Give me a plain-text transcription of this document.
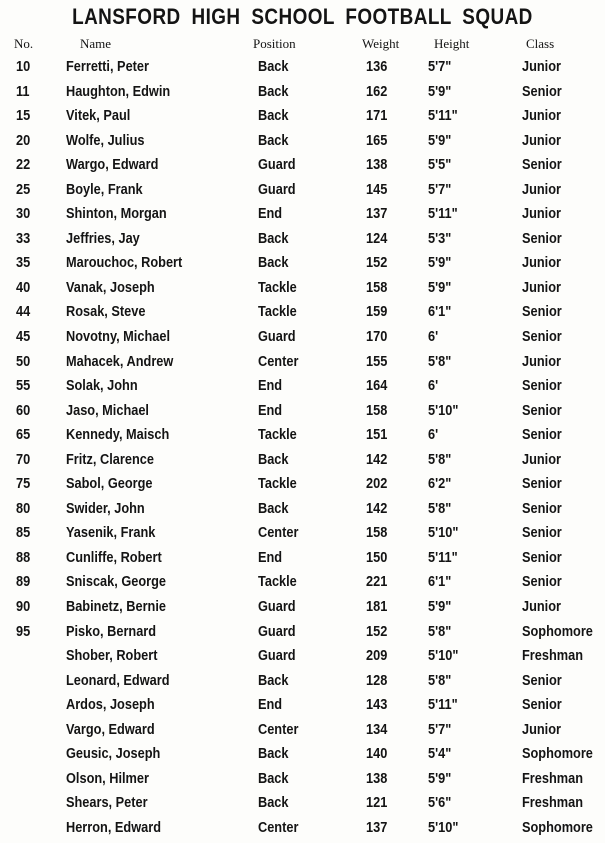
LANSFORD HIGH SCHOOL FOOTBALL SQUAD
No.	Name	Position	Weight	Height	Class
10 Ferretti, Peter	Back	136	5'7"	Junior
11	Haughton, Edwin	Back	162	5'9"	Senior
15 Vitek, Paul	Back	171	5'11"	Junior
20 Wolfe, Julius	Back	165	5'9"	Junior
22 Wargo, Edward	Guard	138	5'5"	Senior
25 Boyle, Frank	Guard	145	5'7"	Junior
30 Shinton, Morgan	End	137	5'11"	Junior
33 Jeffries, Jay	Back	124	5'3"	Senior
35 Marouchoc, Robert	Back	152	5'9"	Junior
40 Vanak, Joseph	Tackle	158	5'9"	Junior
44 Rosak, Steve	Tackle	159	6'1"	Senior
45 Novotny, Michael	Guard	170	6'	Senior
50 Mahacek, Andrew	Center	155	5'8"	Junior
55 Solak, John	End	164	6'	Senior
60 Jaso, Michael	End	158	5'10"	Senior
65 Kennedy, Maisch	Tackle	151	6'	Senior
70 Fritz, Clarence	Back	142	5'8"	Junior
75 Sabol, George	Tackle	202	6'2"	Senior
80 Swider, John	Back	142	5'8"	Senior
85 Yasenik, Frank	Center	158	5'10"	Senior
88 Cunliffe, Robert	End	150	5'11"	Senior
89 Sniscak, George	Tackle	221	6'1"	Senior
90 Babinetz, Bernie	Guard	181	5'9"	Junior
95 Pisko, Bernard	Guard	152	5'8"	Sophomore
Shober, Robert	Guard	209	5'10"	Freshman
Leonard, Edward	Back	128	5'8"	Senior
Ardos, Joseph	End	143	5'11"	Senior
Vargo, Edward	Center	134	5'7"	Junior
Geusic, Joseph	Back	140	5'4"	Sophomore
Olson, Hilmer	Back	138	5'9"	Freshman
Shears, Peter	Back	121	5'6"	Freshman
Herron, Edward	Center	137	5'10"	Sophomore
